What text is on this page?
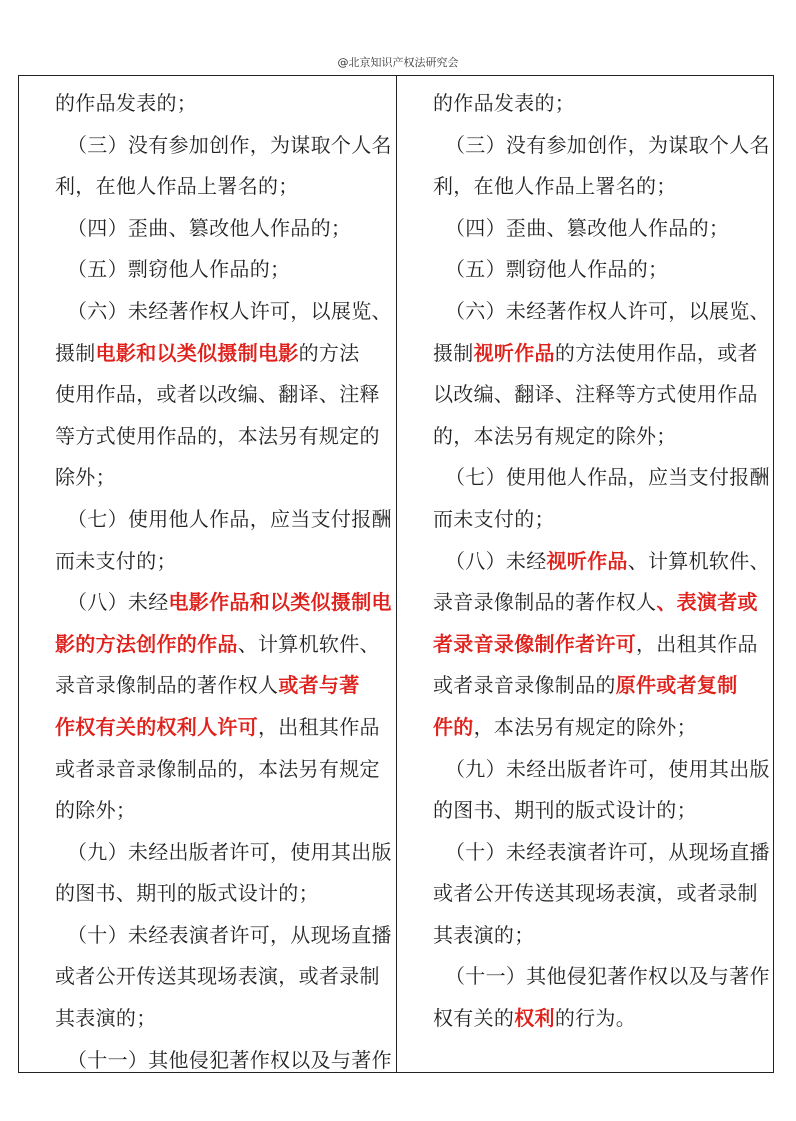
@北京知识产权法研究会
的作品发表的；
（三）没有参加创作，为谋取个人名
利，在他人作品上署名的；
（四）歪曲、篡改他人作品的；
（五）剽窃他人作品的；
（六）未经著作权人许可，以展览、
摄制电影和以类似摄制电影的方法
使用作品，或者以改编、翻译、注释
等方式使用作品的，本法另有规定的
除外；
（七）使用他人作品，应当支付报酬
而未支付的；
（八）未经电影作品和以类似摄制电
影的方法创作的作品、计算机软件、
录音录像制品的著作权人或者与著
作权有关的权利人许可，出租其作品
或者录音录像制品的，本法另有规定
的除外；
（九）未经出版者许可，使用其出版
的图书、期刊的版式设计的；
（十）未经表演者许可，从现场直播
或者公开传送其现场表演，或者录制
其表演的；
（十一）其他侵犯著作权以及与著作
的作品发表的；
（三）没有参加创作，为谋取个人名
利，在他人作品上署名的；
（四）歪曲、篡改他人作品的；
（五）剽窃他人作品的；
（六）未经著作权人许可，以展览、
摄制视听作品的方法使用作品，或者
以改编、翻译、注释等方式使用作品
的，本法另有规定的除外；
（七）使用他人作品，应当支付报酬
而未支付的；
（八）未经视听作品、计算机软件、
录音录像制品的著作权人、表演者或
者录音录像制作者许可，出租其作品
或者录音录像制品的原件或者复制
件的，本法另有规定的除外；
（九）未经出版者许可，使用其出版
的图书、期刊的版式设计的；
（十）未经表演者许可，从现场直播
或者公开传送其现场表演，或者录制
其表演的；
（十一）其他侵犯著作权以及与著作
权有关的权利的行为。
